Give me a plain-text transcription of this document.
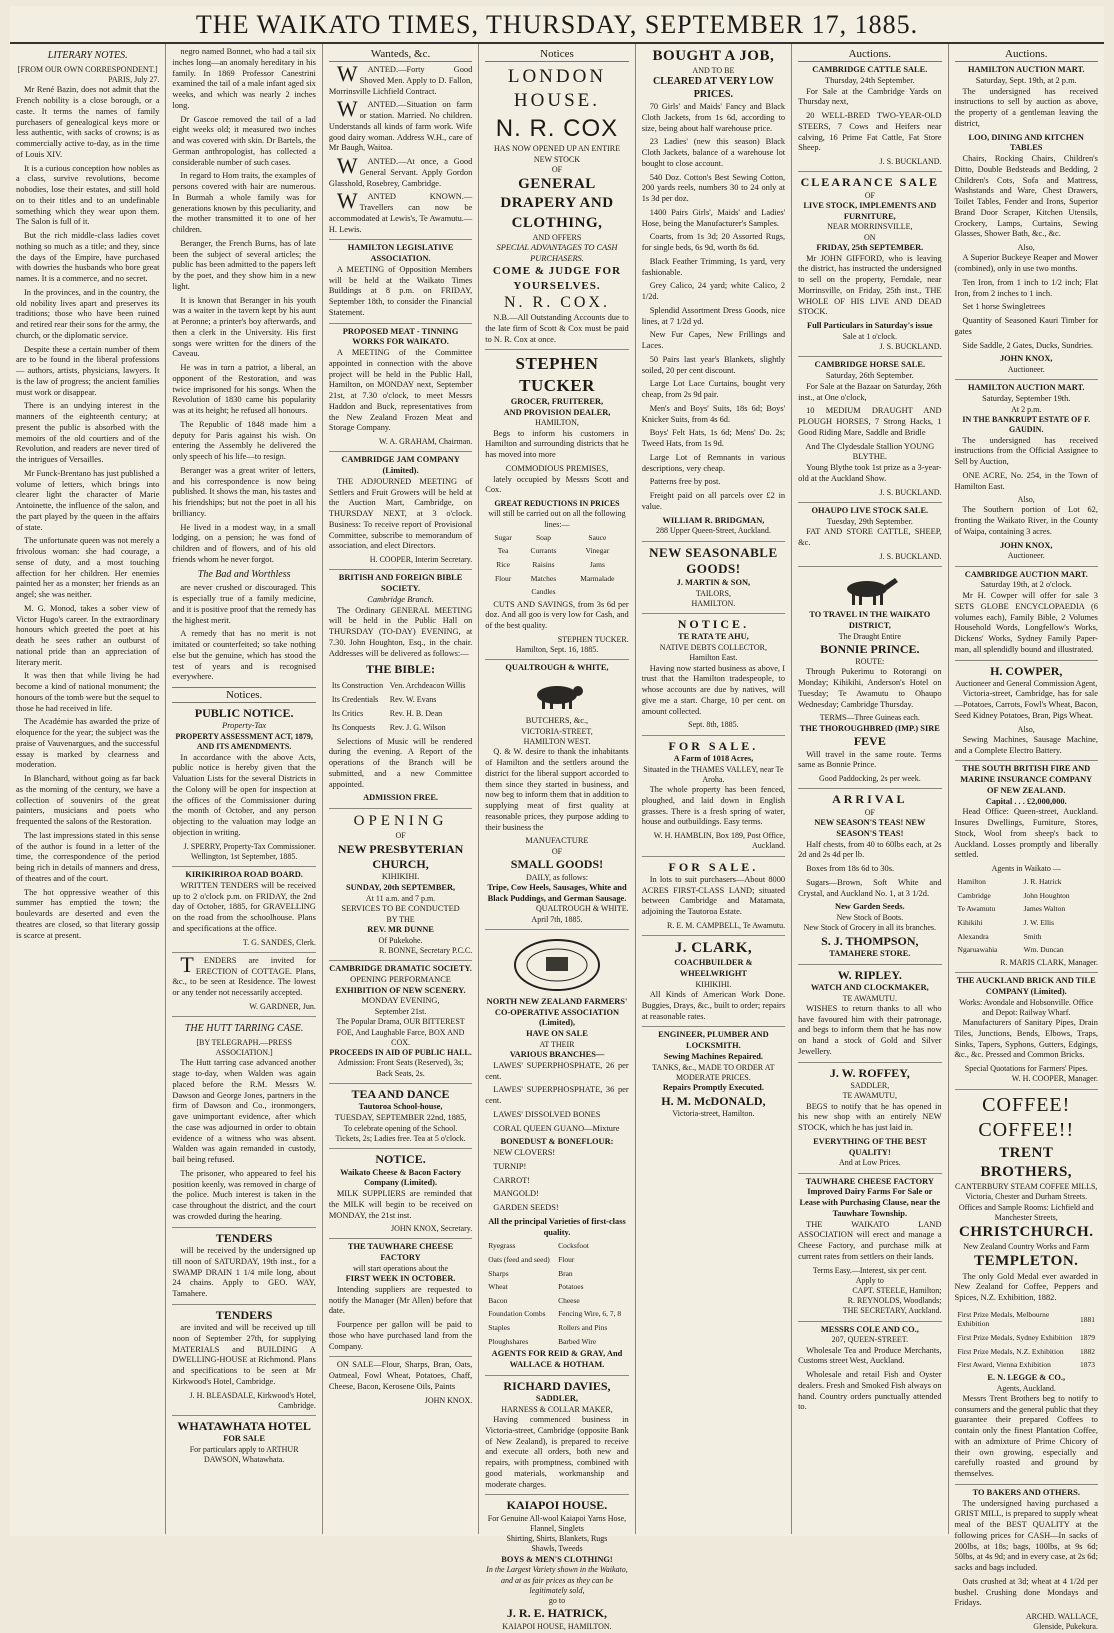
THE WAIKATO TIMES, THURSDAY, SEPTEMBER 17, 1885.
LITERARY NOTES.
[FROM OUR OWN CORRESPONDENT.]
PARIS, July 27.
Mr René Bazin, does not admit that the French nobility is a close borough, or a caste. It terms the names of family purchasers of genealogical keys more or less authentic, with sacks of crowns; is as commercially active to-day, as in the time of Louis XIV.
It is a curious conception how nobles as a class, survive revolutions, become nobodies, lose their estates, and still hold on to their titles and to an undefinable something which they wear upon them. The Salon is full of it.
But the rich middle-class ladies covet nothing so much as a title; and they, since the days of the Empire, have purchased with dowries the husbands who bore great names. It is a commerce, and no secret.
In the provinces, and in the country, the old nobility lives apart and preserves its traditions; those who have been ruined and retired rear their sons for the army, the church, or the diplomatic service.
Despite these a certain number of them are to be found in the liberal professions — authors, artists, physicians, lawyers. It is the law of progress; the ancient families must work or disappear.
There is an undying interest in the manners of the eighteenth century; at present the public is absorbed with the memoirs of the old courtiers and of the Revolution, and readers are never tired of the intrigues of Versailles.
Mr Funck-Brentano has just published a volume of letters, which brings into clearer light the character of Marie Antoinette, the influence of the salon, and the part played by the queen in the affairs of state.
The unfortunate queen was not merely a frivolous woman: she had courage, a sense of duty, and a most touching affection for her children. Her enemies painted her as a monster; her friends as an angel; she was neither.
M. G. Monod, takes a sober view of Victor Hugo's career. In the extraordinary honours which greeted the poet at his death he sees rather an outburst of national pride than an appreciation of literary merit.
It was then that while living he had become a kind of national monument; the honours of the tomb were but the sequel to those he had received in life.
The Académie has awarded the prize of eloquence for the year; the subject was the praise of Vauvenargues, and the successful essay is marked by clearness and moderation.
In Blanchard, without going as far back as the morning of the century, we have a collection of souvenirs of the great painters, musicians and poets who frequented the salons of the Restoration.
The last impressions stated in this sense of the author is found in a letter of the time, the correspondence of the period being rich in details of manners and dress, of theatres and of the court.
The hot oppressive weather of this summer has emptied the town; the boulevards are deserted and even the theatres are closed, so that literary gossip is scarce at present.
negro named Bonnet, who had a tail six inches long—an anomaly hereditary in his family. In 1869 Professor Canestrini examined the tail of a male infant aged six weeks, and which was nearly 2 inches long.
Dr Gascoe removed the tail of a lad eight weeks old; it measured two inches and was covered with skin. Dr Bartels, the German anthropologist, has collected a considerable number of such cases.
In regard to Hom traits, the examples of persons covered with hair are numerous. In Burmah a whole family was for generations known by this peculiarity, and the mother transmitted it to one of her children.
Beranger, the French Burns, has of late been the subject of several articles; the public has been admitted to the papers left by the poet, and they show him in a new light.
It is known that Beranger in his youth was a waiter in the tavern kept by his aunt at Peronne; a printer's boy afterwards, and then a clerk in the University. His first songs were written for the diners of the Caveau.
He was in turn a patriot, a liberal, an opponent of the Restoration, and was twice imprisoned for his songs. When the Revolution of 1830 came his popularity was at its height; he refused all honours.
The Republic of 1848 made him a deputy for Paris against his wish. On entering the Assembly he delivered the only speech of his life—to resign.
Beranger was a great writer of letters, and his correspondence is now being published. It shows the man, his tastes and his friendships; but not the poet in all his brilliancy.
He lived in a modest way, in a small lodging, on a pension; he was fond of children and of flowers, and of his old friends whom he never forgot.
The Bad and Worthless
are never crushed or discouraged. This is especially true of a family medicine, and it is positive proof that the remedy has the highest merit.
A remedy that has no merit is not imitated or counterfeited; so take nothing else but the genuine, which has stood the test of years and is recognised everywhere.
Notices.
PUBLIC NOTICE.
Property-Tax
PROPERTY ASSESSMENT ACT, 1879, AND ITS AMENDMENTS.
In accordance with the above Acts, public notice is hereby given that the Valuation Lists for the several Districts in the Colony will be open for inspection at the offices of the Commissioner during the month of October, and any person objecting to the valuation may lodge an objection in writing.
J. SPERRY, Property-Tax Commissioner.
Wellington, 1st September, 1885.
KIRIKIRIROA ROAD BOARD.
WRITTEN TENDERS will be received up to 2 o'clock p.m. on FRIDAY, the 2nd day of October, 1885, for GRAVELLING on the road from the schoolhouse. Plans and specifications at the office.
T. G. SANDES, Clerk.
TENDERS are invited for ERECTION of COTTAGE. Plans, &c., to be seen at Residence. The lowest or any tender not necessarily accepted.
W. GARDNER, Jun.
THE HUTT TARRING CASE.
[BY TELEGRAPH.—PRESS ASSOCIATION.]
The Hutt tarring case advanced another stage to-day, when Walden was again placed before the R.M. Messrs W. Dawson and George Jones, partners in the firm of Dawson and Co., ironmongers, gave unimportant evidence, after which the case was adjourned in order to obtain evidence of a witness who was absent. Walden was again remanded in custody, bail being refused.
The prisoner, who appeared to feel his position keenly, was removed in charge of the police. Much interest is taken in the case throughout the district, and the court was crowded during the hearing.
TENDERS
will be received by the undersigned up till noon of SATURDAY, 19th inst., for a SWAMP DRAIN 1 1/4 mile long, about 24 chains. Apply to GEO. WAY, Tamahere.
TENDERS
are invited and will be received up till noon of September 27th, for supplying MATERIALS and BUILDING A DWELLING-HOUSE at Richmond. Plans and specifications to be seen at Mr Kirkwood's Hotel, Cambridge.
J. H. BLEASDALE, Kirkwood's Hotel, Cambridge.
WHATAWHATA HOTEL
FOR SALE
For particulars apply to ARTHUR DAWSON, Whatawhata.
Wanteds, &c.
WANTED.—Forty Good Shoved Men. Apply to D. Fallon, Morrinsville Lichfield Contract.
WANTED.—Situation on farm or station. Married. No children. Understands all kinds of farm work. Wife good dairy woman. Address W.H., care of Mr Baugh, Waitoa.
WANTED.—At once, a Good General Servant. Apply Gordon Glasshold, Rosebrey, Cambridge.
WANTED KNOWN.—Travellers can now be accommodated at Lewis's, Te Awamutu.—H. Lewis.
HAMILTON LEGISLATIVE ASSOCIATION.
A MEETING of Opposition Members will be held at the Waikato Times Buildings at 8 p.m. on FRIDAY, September 18th, to consider the Financial Statement.
PROPOSED MEAT - TINNING WORKS FOR WAIKATO.
A MEETING of the Committee appointed in connection with the above project will be held in the Public Hall, Hamilton, on MONDAY next, September 21st, at 7.30 o'clock, to meet Messrs Haddon and Buck, representatives from the New Zealand Frozen Meat and Storage Company.
W. A. GRAHAM, Chairman.
CAMBRIDGE JAM COMPANY (Limited).
THE ADJOURNED MEETING of Settlers and Fruit Growers will be held at the Auction Mart, Cambridge, on THURSDAY NEXT, at 3 o'clock. Business: To receive report of Provisional Committee, subscribe to memorandum of association, and elect Directors.
H. COOPER, Interim Secretary.
BRITISH AND FOREIGN BIBLE SOCIETY.
Cambridge Branch.
The Ordinary GENERAL MEETING will be held in the Public Hall on THURSDAY (TO-DAY) EVENING, at 7.30. John Houghton, Esq., in the chair. Addresses will be delivered as follows:—
THE BIBLE:
Its Construction	Ven. Archdeacon Willis
Its Credentials	Rev. W. Evans
Its Critics	Rev. H. B. Dean
Its Conquests	Rev. J. G. Wilson
Selections of Music will be rendered during the evening. A Report of the operations of the Branch will be submitted, and a new Committee appointed.
ADMISSION FREE.
OPENING
OF
NEW PRESBYTERIAN CHURCH,
KIHIKIHI.
SUNDAY, 20th SEPTEMBER,
At 11 a.m. and 7 p.m.
SERVICES TO BE CONDUCTED
BY THE
REV. MR DUNNE
Of Pukekohe.
R. BONNE, Secretary P.C.C.
CAMBRIDGE DRAMATIC SOCIETY.
OPENING PERFORMANCE
EXHIBITION OF NEW SCENERY.
MONDAY EVENING,
September 21st.
The Popular Drama, OUR BITTEREST FOE, And Laughable Farce, BOX AND COX.
PROCEEDS IN AID OF PUBLIC HALL.
Admission: Front Seats (Reserved), 3s; Back Seats, 2s.
TEA AND DANCE
Tautoroa School-house,
TUESDAY, SEPTEMBER 22nd, 1885,
To celebrate opening of the School.
Tickets, 2s; Ladies free. Tea at 5 o'clock.
NOTICE.
Waikato Cheese & Bacon Factory Company (Limited).
MILK SUPPLIERS are reminded that the MILK will begin to be received on MONDAY, the 21st inst.
JOHN KNOX, Secretary.
THE TAUWHARE CHEESE FACTORY
will start operations about the
FIRST WEEK IN OCTOBER.
Intending suppliers are requested to notify the Manager (Mr Allen) before that date.
Fourpence per gallon will be paid to those who have purchased land from the Company.
ON SALE—Flour, Sharps, Bran, Oats, Oatmeal, Fowl Wheat, Potatoes, Chaff, Cheese, Bacon, Kerosene Oils, Paints
JOHN KNOX.
Notices
LONDON HOUSE.
N. R. COX
HAS NOW OPENED UP AN ENTIRE NEW STOCK
OF
GENERAL DRAPERY AND CLOTHING,
AND OFFERS
SPECIAL ADVANTAGES TO CASH PURCHASERS.
COME & JUDGE FOR YOURSELVES.
N. R. COX.
N.B.—All Outstanding Accounts due to the late firm of Scott & Cox must be paid to N. R. Cox at once.
STEPHEN TUCKER
GROCER, FRUITERER,
AND PROVISION DEALER,
HAMILTON,
Begs to inform his customers in Hamilton and surrounding districts that he has moved into more
COMMODIOUS PREMISES,
lately occupied by Messrs Scott and Cox.
GREAT REDUCTIONS IN PRICES
will still be carried out on all the following lines:—
Sugar	Soap	Sauce
Tea	Currants	Vinegar
Rice	Raisins	Jams
Flour	Matches	Marmalade
	Candles	
CUTS AND SAVINGS, from 3s 6d per doz. And all goo is very low for Cash, and of the best quality.
STEPHEN TUCKER.
Hamilton, Sept. 16, 1885.
QUALTROUGH & WHITE,
BUTCHERS, &c.,
VICTORIA-STREET,
HAMILTON WEST.
Q. & W. desire to thank the inhabitants of Hamilton and the settlers around the district for the liberal support accorded to them since they started in business, and now beg to inform them that in addition to supplying meat of first quality at reasonable prices, they purpose adding to their business the
MANUFACTURE
OF
SMALL GOODS!
DAILY, as follows:
Tripe, Cow Heels, Sausages, White and Black Puddings, and German Sausage.
QUALTROUGH & WHITE.
April 7th, 1885.
NORTH NEW ZEALAND FARMERS' CO-OPERATIVE ASSOCIATION (Limited),
HAVE ON SALE
AT THEIR
VARIOUS BRANCHES—
LAWES' SUPERPHOSPHATE, 26 per cent.
LAWES' SUPERPHOSPHATE, 36 per cent.
LAWES' DISSOLVED BONES
CORAL QUEEN GUANO—Mixture
BONEDUST & BONEFLOUR:
NEW CLOVERS!
TURNIP!
CARROT!
MANGOLD!
GARDEN SEEDS!
All the principal Varieties of first-class quality.
Ryegrass	Cocksfoot
Oats (feed and seed)	Flour
Sharps	Bran
Wheat	Potatoes
Bacon	Cheese
Foundation Combs	Fencing Wire, 6, 7, 8
Staples	Rollers and Pins
Ploughshares	Barbed Wire
AGENTS FOR REID & GRAY, And WALLACE & HOTHAM.
RICHARD DAVIES,
SADDLER,
HARNESS & COLLAR MAKER,
Having commenced business in Victoria-street, Cambridge (opposite Bank of New Zealand), is prepared to receive and execute all orders, both new and repairs, with promptness, combined with good materials, workmanship and moderate charges.
KAIAPOI HOUSE.
For Genuine All-wool Kaiapoi Yarns Hose, Flannel, Singlets
Shirting, Shirts, Blankets, Rugs
Shawls, Tweeds
BOYS & MEN'S CLOTHING!
In the Largest Variety shown in the Waikato, and at as fair prices as they can be legitimately sold,
go to
J. R. E. HATRICK,
KAIAPOI HOUSE, HAMILTON.
BOUGHT A JOB,
AND TO BE
CLEARED AT VERY LOW PRICES.
70 Girls' and Maids' Fancy and Black Cloth Jackets, from 1s 6d, according to size, being about half warehouse price.
23 Ladies' (new this season) Black Cloth Jackets, balance of a warehouse lot bought to close account.
540 Doz. Cotton's Best Sewing Cotton, 200 yards reels, numbers 30 to 24 only at 1s 3d per doz.
1400 Pairs Girls', Maids' and Ladies' Hose, being the Manufacturer's Samples.
Coarts, from 1s 3d; 20 Assorted Rugs, for single beds, 6s 9d, worth 8s 6d.
Black Feather Trimming, 1s yard, very fashionable.
Grey Calico, 24 yard; white Calico, 2 1/2d.
Splendid Assortment Dress Goods, nice lines, at 7 1/2d yd.
New Fur Capes, New Frillings and Laces.
50 Pairs last year's Blankets, slightly soiled, 20 per cent discount.
Large Lot Lace Curtains, bought very cheap, from 2s 9d pair.
Men's and Boys' Suits, 18s 6d; Boys' Knicker Suits, from 4s 6d.
Boys' Felt Hats, 1s 6d; Mens' Do. 2s; Tweed Hats, from 1s 9d.
Large Lot of Remnants in various descriptions, very cheap.
Patterns free by post.
Freight paid on all parcels over £2 in value.
WILLIAM R. BRIDGMAN,
288 Upper Queen-Street, Auckland.
NEW SEASONABLE GOODS!
J. MARTIN & SON,
TAILORS,
HAMILTON.
NOTICE.
TE RATA TE AHU,
NATIVE DEBTS COLLECTOR,
Hamilton East.
Having now started business as above, I trust that the Hamilton tradespeople, to whose accounts are due by natives, will give me a start. Charge, 10 per cent. on amount collected.
Sept. 8th, 1885.
FOR SALE.
A Farm of 1018 Acres,
Situated in the THAMES VALLEY, near Te Aroha.
The whole property has been fenced, ploughed, and laid down in English grasses. There is a fresh spring of water, house and outbuildings. Easy terms.
W. H. HAMBLIN, Box 189, Post Office, Auckland.
FOR SALE.
In lots to suit purchasers—About 8000 ACRES FIRST-CLASS LAND; situated between Cambridge and Matamata, adjoining the Tautoroa Estate.
R. E. M. CAMPBELL, Te Awamutu.
J. CLARK,
COACHBUILDER & WHEELWRIGHT
KIHIKIHI.
All Kinds of American Work Done. Buggies, Drays, &c., built to order; repairs at reasonable rates.
ENGINEER, PLUMBER AND LOCKSMITH.
Sewing Machines Repaired.
TANKS, &c., MADE TO ORDER AT MODERATE PRICES.
Repairs Promptly Executed.
H. M. McDONALD,
Victoria-street, Hamilton.
Auctions.
CAMBRIDGE CATTLE SALE.
Thursday, 24th September.
For Sale at the Cambridge Yards on Thursday next,
20 WELL-BRED TWO-YEAR-OLD STEERS, 7 Cows and Heifers near calving, 16 Prime Fat Cattle, Fat Store Sheep.
J. S. BUCKLAND.
CLEARANCE SALE
OF
LIVE STOCK, IMPLEMENTS AND FURNITURE,
NEAR MORRINSVILLE,
ON
FRIDAY, 25th SEPTEMBER.
Mr JOHN GIFFORD, who is leaving the district, has instructed the undersigned to sell on the property, Ferndale, near Morrinsville, on Friday, 25th inst., THE WHOLE OF HIS LIVE AND DEAD STOCK.
Full Particulars in Saturday's issue
Sale at 1 o'clock.
J. S. BUCKLAND.
CAMBRIDGE HORSE SALE.
Saturday, 26th September.
For Sale at the Bazaar on Saturday, 26th inst., at One o'clock,
10 MEDIUM DRAUGHT AND PLOUGH HORSES, 7 Strong Hacks, 1 Good Riding Mare, Saddle and Bridle
And The Clydesdale Stallion YOUNG BLYTHE.
Young Blythe took 1st prize as a 3-year-old at the Auckland Show.
J. S. BUCKLAND.
OHAUPO LIVE STOCK SALE.
Tuesday, 29th September.
FAT AND STORE CATTLE, SHEEP, &c.
J. S. BUCKLAND.
TO TRAVEL IN THE WAIKATO DISTRICT,
The Draught Entire
BONNIE PRINCE.
ROUTE:
Through Pukerimu to Rotorangi on Monday; Kihikihi, Anderson's Hotel on Tuesday; Te Awamutu to Ohaupo Wednesday; Cambridge Thursday.
TERMS—Three Guineas each.
THE THOROUGHBRED (IMP.) SIRE
FEVE
Will travel in the same route. Terms same as Bonnie Prince.
Good Paddocking, 2s per week.
ARRIVAL
OF
NEW SEASON'S TEAS! NEW SEASON'S TEAS!
Half chests, from 40 to 60lbs each, at 2s 2d and 2s 4d per lb.
Boxes from 18s 6d to 30s.
Sugars—Brown, Soft White and Crystal, and Auckland No. 1, at 3 1/2d.
New Garden Seeds.
New Stock of Boots.
New Stock of Grocery in all its branches.
S. J. THOMPSON,
TAMAHERE STORE.
W. RIPLEY.
WATCH AND CLOCKMAKER,
TE AWAMUTU.
WISHES to return thanks to all who have favoured him with their patronage, and begs to inform them that he has now on hand a stock of Gold and Silver Jewellery.
J. W. ROFFEY,
SADDLER,
TE AWAMUTU,
BEGS to notify that he has opened in his new shop with an entirely NEW STOCK, which he has just laid in.
EVERYTHING OF THE BEST QUALITY!
And at Low Prices.
TAUWHARE CHEESE FACTORY
Improved Dairy Farms For Sale or Lease with Purchasing Clause, near the Tauwhare Township.
THE WAIKATO LAND ASSOCIATION will erect and manage a Cheese Factory, and purchase milk at current rates from settlers on their lands.
Terms Easy.—Interest, six per cent.
Apply to
CAPT. STEELE, Hamilton;
R. REYNOLDS, Woodlands;
THE SECRETARY, Auckland.
MESSRS COLE AND CO.,
207, QUEEN-STREET.
Wholesale Tea and Produce Merchants, Customs street West, Auckland.
Wholesale and retail Fish and Oyster dealers. Fresh and Smoked Fish always on hand. Country orders punctually attended to.
Auctions.
HAMILTON AUCTION MART.
Saturday, Sept. 19th, at 2 p.m.
The undersigned has received instructions to sell by auction as above, the property of a gentleman leaving the district,
LOO, DINING AND KITCHEN TABLES
Chairs, Rocking Chairs, Children's Ditto, Double Bedsteads and Bedding, 2 Children's Cots, Sofa and Mattress, Washstands and Ware, Chest Drawers, Toilet Tables, Fender and Irons, Superior Brand Door Scraper, Kitchen Utensils, Crockery, Lamps, Curtains, Sewing Glasses, Shower Bath, &c., &c.
Also,
A Superior Buckeye Reaper and Mower (combined), only in use two months.
Ten Iron, from 1 inch to 1/2 inch; Flat Iron, from 2 inches to 1 inch.
Set 1 horse Swingletrees
Quantity of Seasoned Kauri Timber for gates
Side Saddle, 2 Gates, Ducks, Sundries.
JOHN KNOX,
Auctioneer.
HAMILTON AUCTION MART.
Saturday, September 19th.
At 2 p.m.
IN THE BANKRUPT ESTATE OF F. GAUDIN.
The undersigned has received instructions from the Official Assignee to Sell by Auction,
ONE ACRE, No. 254, in the Town of Hamilton East.
Also,
The Southern portion of Lot 62, fronting the Waikato River, in the County of Waipa, containing 3 acres.
JOHN KNOX,
Auctioneer.
CAMBRIDGE AUCTION MART.
Saturday 19th, at 2 o'clock.
Mr H. Cowper will offer for sale 3 SETS GLOBE ENCYCLOPAEDIA (6 volumes each), Family Bible, 2 Volumes Household Words, Longfellow's Works, Dickens' Works, Sydney Family Paper-man, all splendidly bound and illustrated.
H. COWPER,
Auctioneer and General Commission Agent,
Victoria-street, Cambridge, has for sale—Potatoes, Carrots, Fowl's Wheat, Bacon, Seed Kidney Potatoes, Bran, Pigs Wheat.
Also,
Sewing Machines, Sausage Machine, and a Complete Electro Battery.
THE SOUTH BRITISH FIRE AND MARINE INSURANCE COMPANY OF NEW ZEALAND.
Capital . . . £2,000,000.
Head Office: Queen-street, Auckland. Insures Dwellings, Furniture, Stores, Stock, Wool from sheep's back to Auckland. Losses promptly and liberally settled.
Agents in Waikato —
Hamilton	J. R. Hatrick
Cambridge	John Houghton
Te Awamutu	James Walton
Kihikihi	J. W. Ellis
Alexandra	Smith
Ngaruawahia	Wm. Duncan
R. MARIS CLARK, Manager.
THE AUCKLAND BRICK AND TILE COMPANY (Limited).
Works: Avondale and Hobsonville. Office and Depot: Railway Wharf.
Manufacturers of Sanitary Pipes, Drain Tiles, Junctions, Bends, Elbows, Traps, Sinks, Tapers, Syphons, Gutters, Edgings, &c., &c. Pressed and Common Bricks.
Special Quotations for Farmers' Pipes.
W. H. COOPER, Manager.
COFFEE! COFFEE!!
TRENT BROTHERS,
CANTERBURY STEAM COFFEE MILLS,
Victoria, Chester and Durham Streets.
Offices and Sample Rooms: Lichfield and Manchester Streets,
CHRISTCHURCH.
New Zealand Country Works and Farm
TEMPLETON.
The only Gold Medal ever awarded in New Zealand for Coffee, Peppers and Spices, N.Z. Exhibition, 1882.
First Prize Medals, Melbourne Exhibition	1881
First Prize Medals, Sydney Exhibition	1879
First Prize Medals, N.Z. Exhibition	1882
First Award, Vienna Exhibition	1873
E. N. LEGGE & CO.,
Agents, Auckland.
Messrs Trent Brothers beg to notify to consumers and the general public that they guarantee their prepared Coffees to contain only the finest Plantation Coffee, with an admixture of Prime Chicory of their own growing, especially and carefully roasted and ground by themselves.
TO BAKERS AND OTHERS.
The undersigned having purchased a GRIST MILL, is prepared to supply wheat meal of the BEST QUALITY at the following prices for CASH—In sacks of 200lbs, at 18s; bags, 100lbs, at 9s 6d; 50lbs, at 4s 9d; and in every case, at 2s 6d; sacks and bags included.
Oats crushed at 3d; wheat at 4 1/2d per bushel. Crushing done Mondays and Fridays.
ARCHD. WALLACE,
Glenside, Pukekura.
